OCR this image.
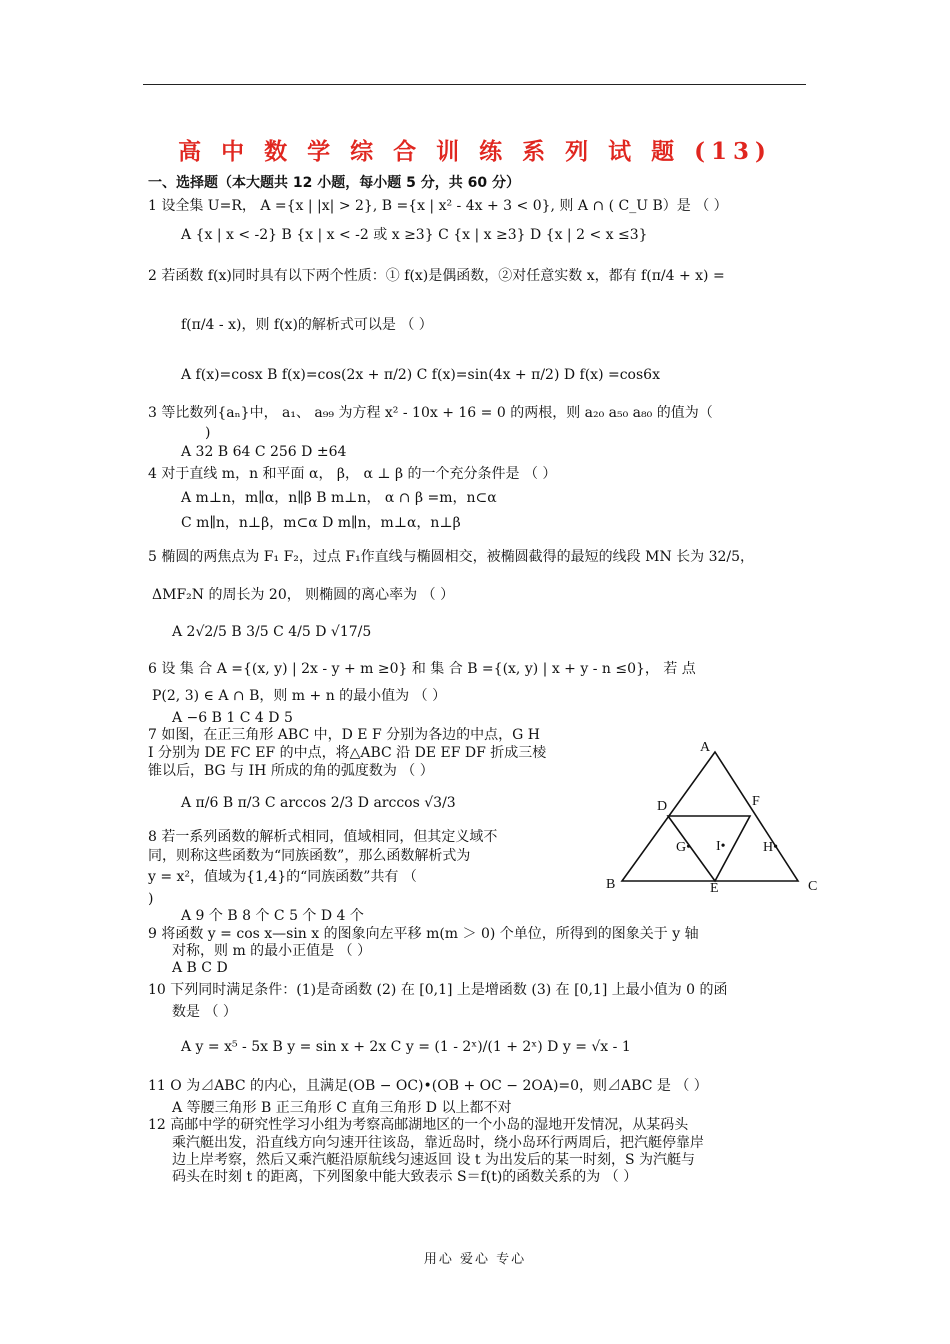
高 中 数 学 综 合 训 练 系 列 试 题 (13)
一、选择题（本大题共 12 小题，每小题 5 分，共 60 分）
1 设全集 U=R， A ={x | |x| > 2}, B ={x | x² - 4x + 3 < 0}, 则 A ∩ ( C_U B）是 （ ）
A {x | x < -2} B {x | x < -2 或 x ≥3} C {x | x ≥3} D {x | 2 < x ≤3}
2 若函数 f(x)同时具有以下两个性质：① f(x)是偶函数，②对任意实数 x，都有 f(π/4 + x) =
f(π/4 - x)，则 f(x)的解析式可以是 （ ）
A f(x)=cosx B f(x)=cos(2x + π/2) C f(x)=sin(4x + π/2) D f(x) =cos6x
3 等比数列{aₙ}中， a₁、 a₉₉ 为方程 x² - 10x + 16 = 0 的两根，则 a₂₀ a₅₀ a₈₀ 的值为（
)
A 32 B 64 C 256 D ±64
4 对于直线 m，n 和平面 α， β， α ⊥ β 的一个充分条件是 （ ）
A m⊥n，m∥α，n∥β B m⊥n， α ∩ β =m，n⊂α
C m∥n，n⊥β，m⊂α D m∥n，m⊥α，n⊥β
5 椭圆的两焦点为 F₁ F₂，过点 F₁作直线与椭圆相交，被椭圆截得的最短的线段 MN 长为 32/5，
ΔMF₂N 的周长为 20， 则椭圆的离心率为 （ ）
A 2√2/5 B 3/5 C 4/5 D √17/5
6 设 集 合 A ={(x, y) | 2x - y + m ≥0} 和 集 合 B ={(x, y) | x + y - n ≤0}， 若 点
P(2, 3) ∈ A ∩ B，则 m + n 的最小值为 （ ）
A −6 B 1 C 4 D 5
7 如图，在正三角形 ABC 中，D E F 分别为各边的中点，G H
I 分别为 DE FC EF 的中点，将△ABC 沿 DE EF DF 折成三棱
锥以后，BG 与 IH 所成的角的弧度数为 （ ）
A π/6 B π/3 C arccos 2/3 D arccos √3/3
8 若一系列函数的解析式相同，值域相同，但其定义域不
同，则称这些函数为“同族函数”，那么函数解析式为
y = x²，值域为{1,4}的“同族函数”共有 （
)
A 9 个 B 8 个 C 5 个 D 4 个
9 将函数 y = cos x—sin x 的图象向左平移 m(m ＞ 0) 个单位，所得到的图象关于 y 轴
对称，则 m 的最小正值是 （ ）
A B C D
10 下列同时满足条件：(1)是奇函数 (2) 在 [0,1] 上是增函数 (3) 在 [0,1] 上最小值为 0 的函
数是 （ ）
A y = x⁵ - 5x B y = sin x + 2x C y = (1 - 2ˣ)/(1 + 2ˣ) D y = √x - 1
11 O 为⊿ABC 的内心，且满足(OB − OC)•(OB + OC − 2OA)=0，则⊿ABC 是 （ ）
A 等腰三角形 B 正三角形 C 直角三角形 D 以上都不对
12 高邮中学的研究性学习小组为考察高邮湖地区的一个小岛的湿地开发情况，从某码头
乘汽艇出发，沿直线方向匀速开往该岛，靠近岛时，绕小岛环行两周后，把汽艇停靠岸
边上岸考察，然后又乘汽艇沿原航线匀速返回 设 t 为出发后的某一时刻，S 为汽艇与
码头在时刻 t 的距离，下列图象中能大致表示 S＝f(t)的函数关系的为 （ ）
A
B	C
D
E
F
G• I•	H•
用心 爱心 专心
